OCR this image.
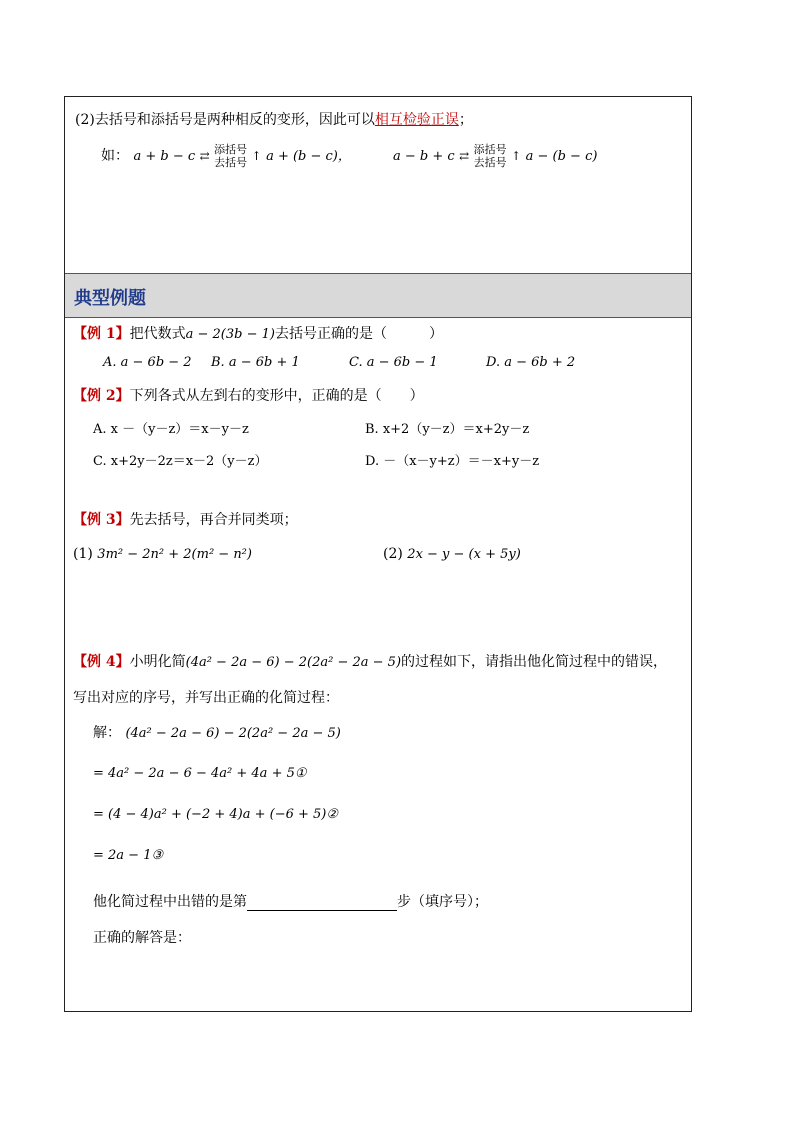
(2)去括号和添括号是两种相反的变形，因此可以相互检验正误；
如： a + b − c ⇄ 添括号
去括号 ↑ a + (b − c)，	a − b + c ⇄ 添括号
去括号 ↑ a − (b − c)
典型例题
【例 1】把代数式a − 2(3b − 1)去括号正确的是（　　　）
A. a − 6b − 2 B. a − 6b + 1	C. a − 6b − 1	D. a − 6b + 2
【例 2】下列各式从左到右的变形中，正确的是（　　）
A. x －（y－z）＝x－y－z	B. x+2（y－z）＝x+2y－z
C. x+2y－2z＝x－2（y－z）	D. －（x－y+z）＝－x+y－z
【例 3】先去括号，再合并同类项；
(1) 3m² − 2n² + 2(m² − n²)	(2) 2x − y − (x + 5y)
【例 4】小明化简(4a² − 2a − 6) − 2(2a² − 2a − 5)的过程如下，请指出他化简过程中的错误，
写出对应的序号，并写出正确的化简过程：
解： (4a² − 2a − 6) − 2(2a² − 2a − 5)
= 4a² − 2a − 6 − 4a² + 4a + 5①
= (4 − 4)a² + (−2 + 4)a + (−6 + 5)②
= 2a − 1③
他化简过程中出错的是第	步（填序号）；
正确的解答是：
